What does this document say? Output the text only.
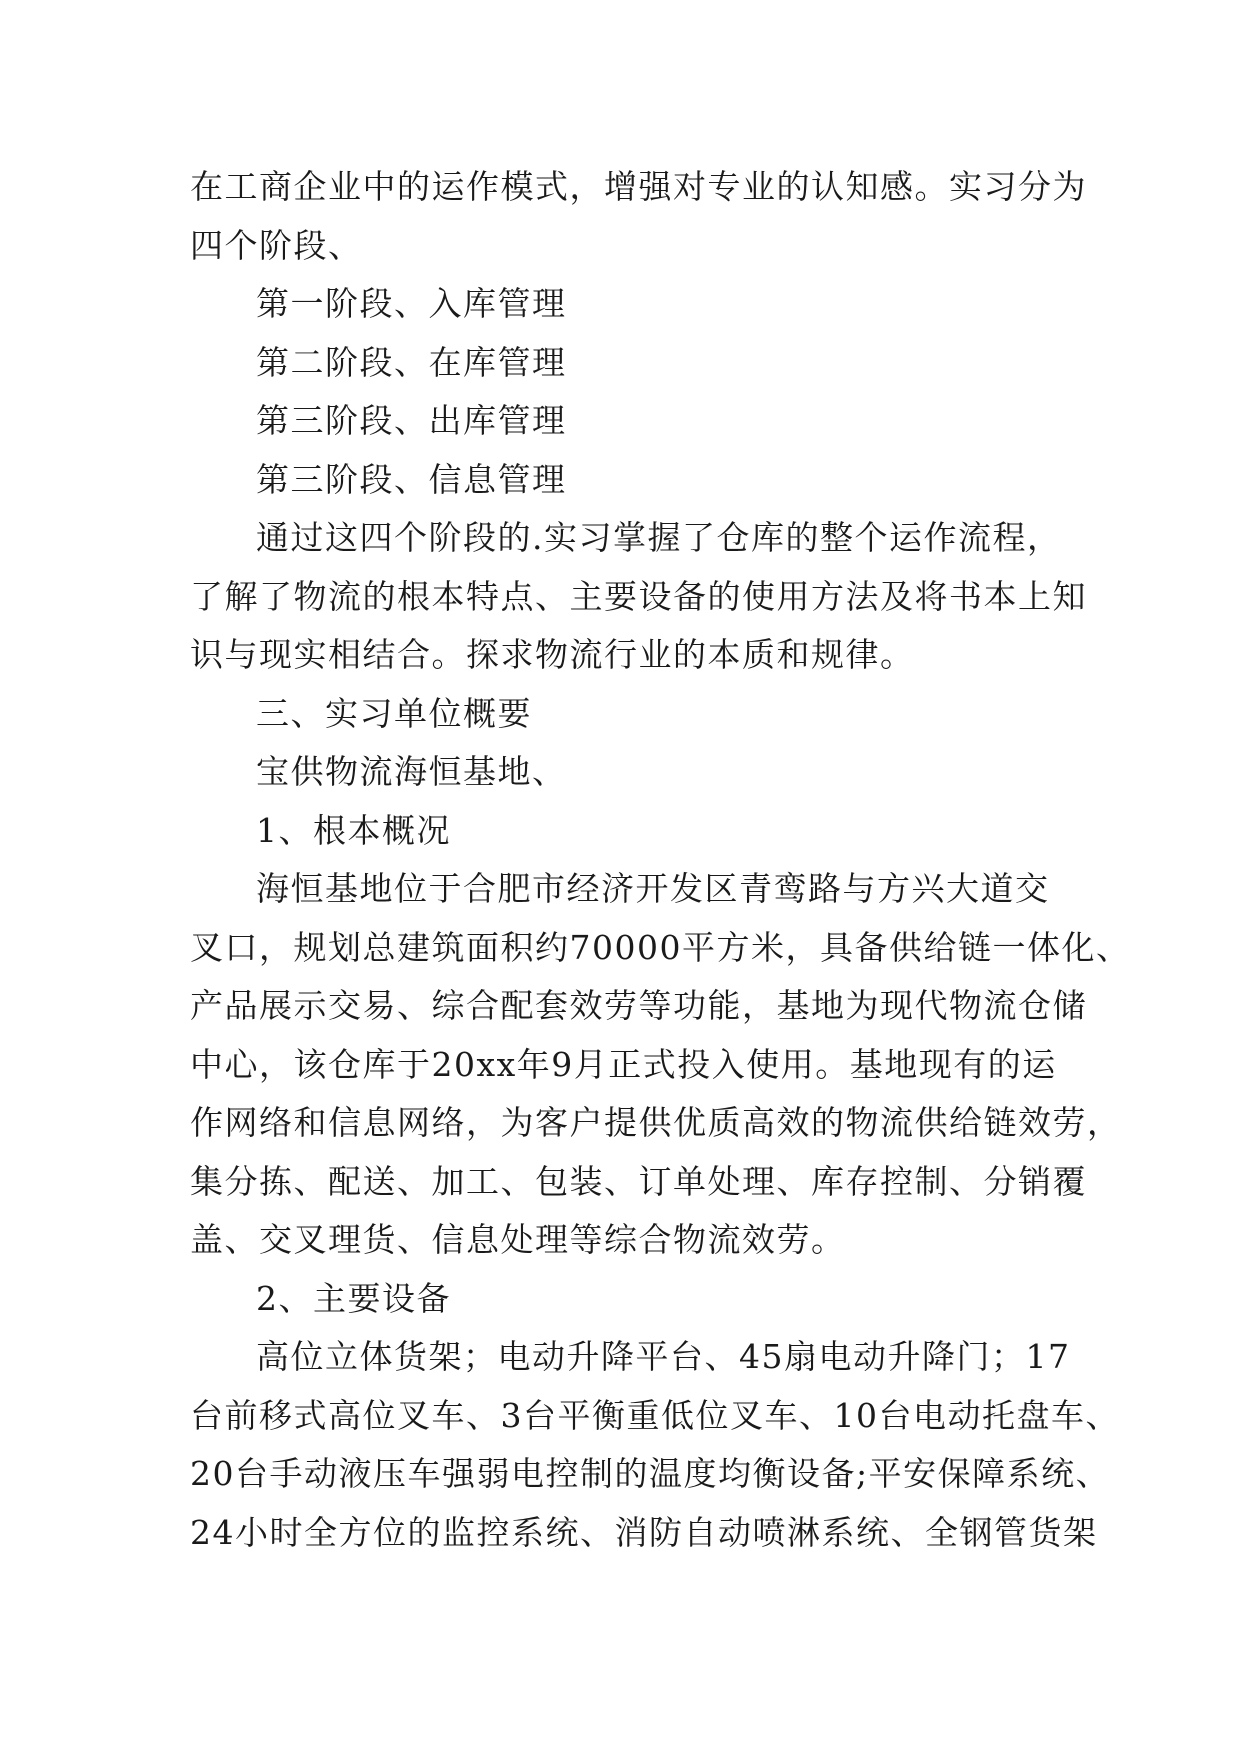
在工商企业中的运作模式，增强对专业的认知感。实习分为
四个阶段、
第一阶段、入库管理
第二阶段、在库管理
第三阶段、出库管理
第三阶段、信息管理
通过这四个阶段的.实习掌握了仓库的整个运作流程，
了解了物流的根本特点、主要设备的使用方法及将书本上知
识与现实相结合。探求物流行业的本质和规律。
三、实习单位概要
宝供物流海恒基地、
1、根本概况
海恒基地位于合肥市经济开发区青鸾路与方兴大道交
叉口，规划总建筑面积约70000平方米，具备供给链一体化、
产品展示交易、综合配套效劳等功能，基地为现代物流仓储
中心，该仓库于20xx年9月正式投入使用。基地现有的运
作网络和信息网络，为客户提供优质高效的物流供给链效劳，
集分拣、配送、加工、包装、订单处理、库存控制、分销覆
盖、交叉理货、信息处理等综合物流效劳。
2、主要设备
高位立体货架；电动升降平台、45扇电动升降门；17
台前移式高位叉车、3台平衡重低位叉车、10台电动托盘车、
20台手动液压车强弱电控制的温度均衡设备;平安保障系统、
24小时全方位的监控系统、消防自动喷淋系统、全钢管货架
